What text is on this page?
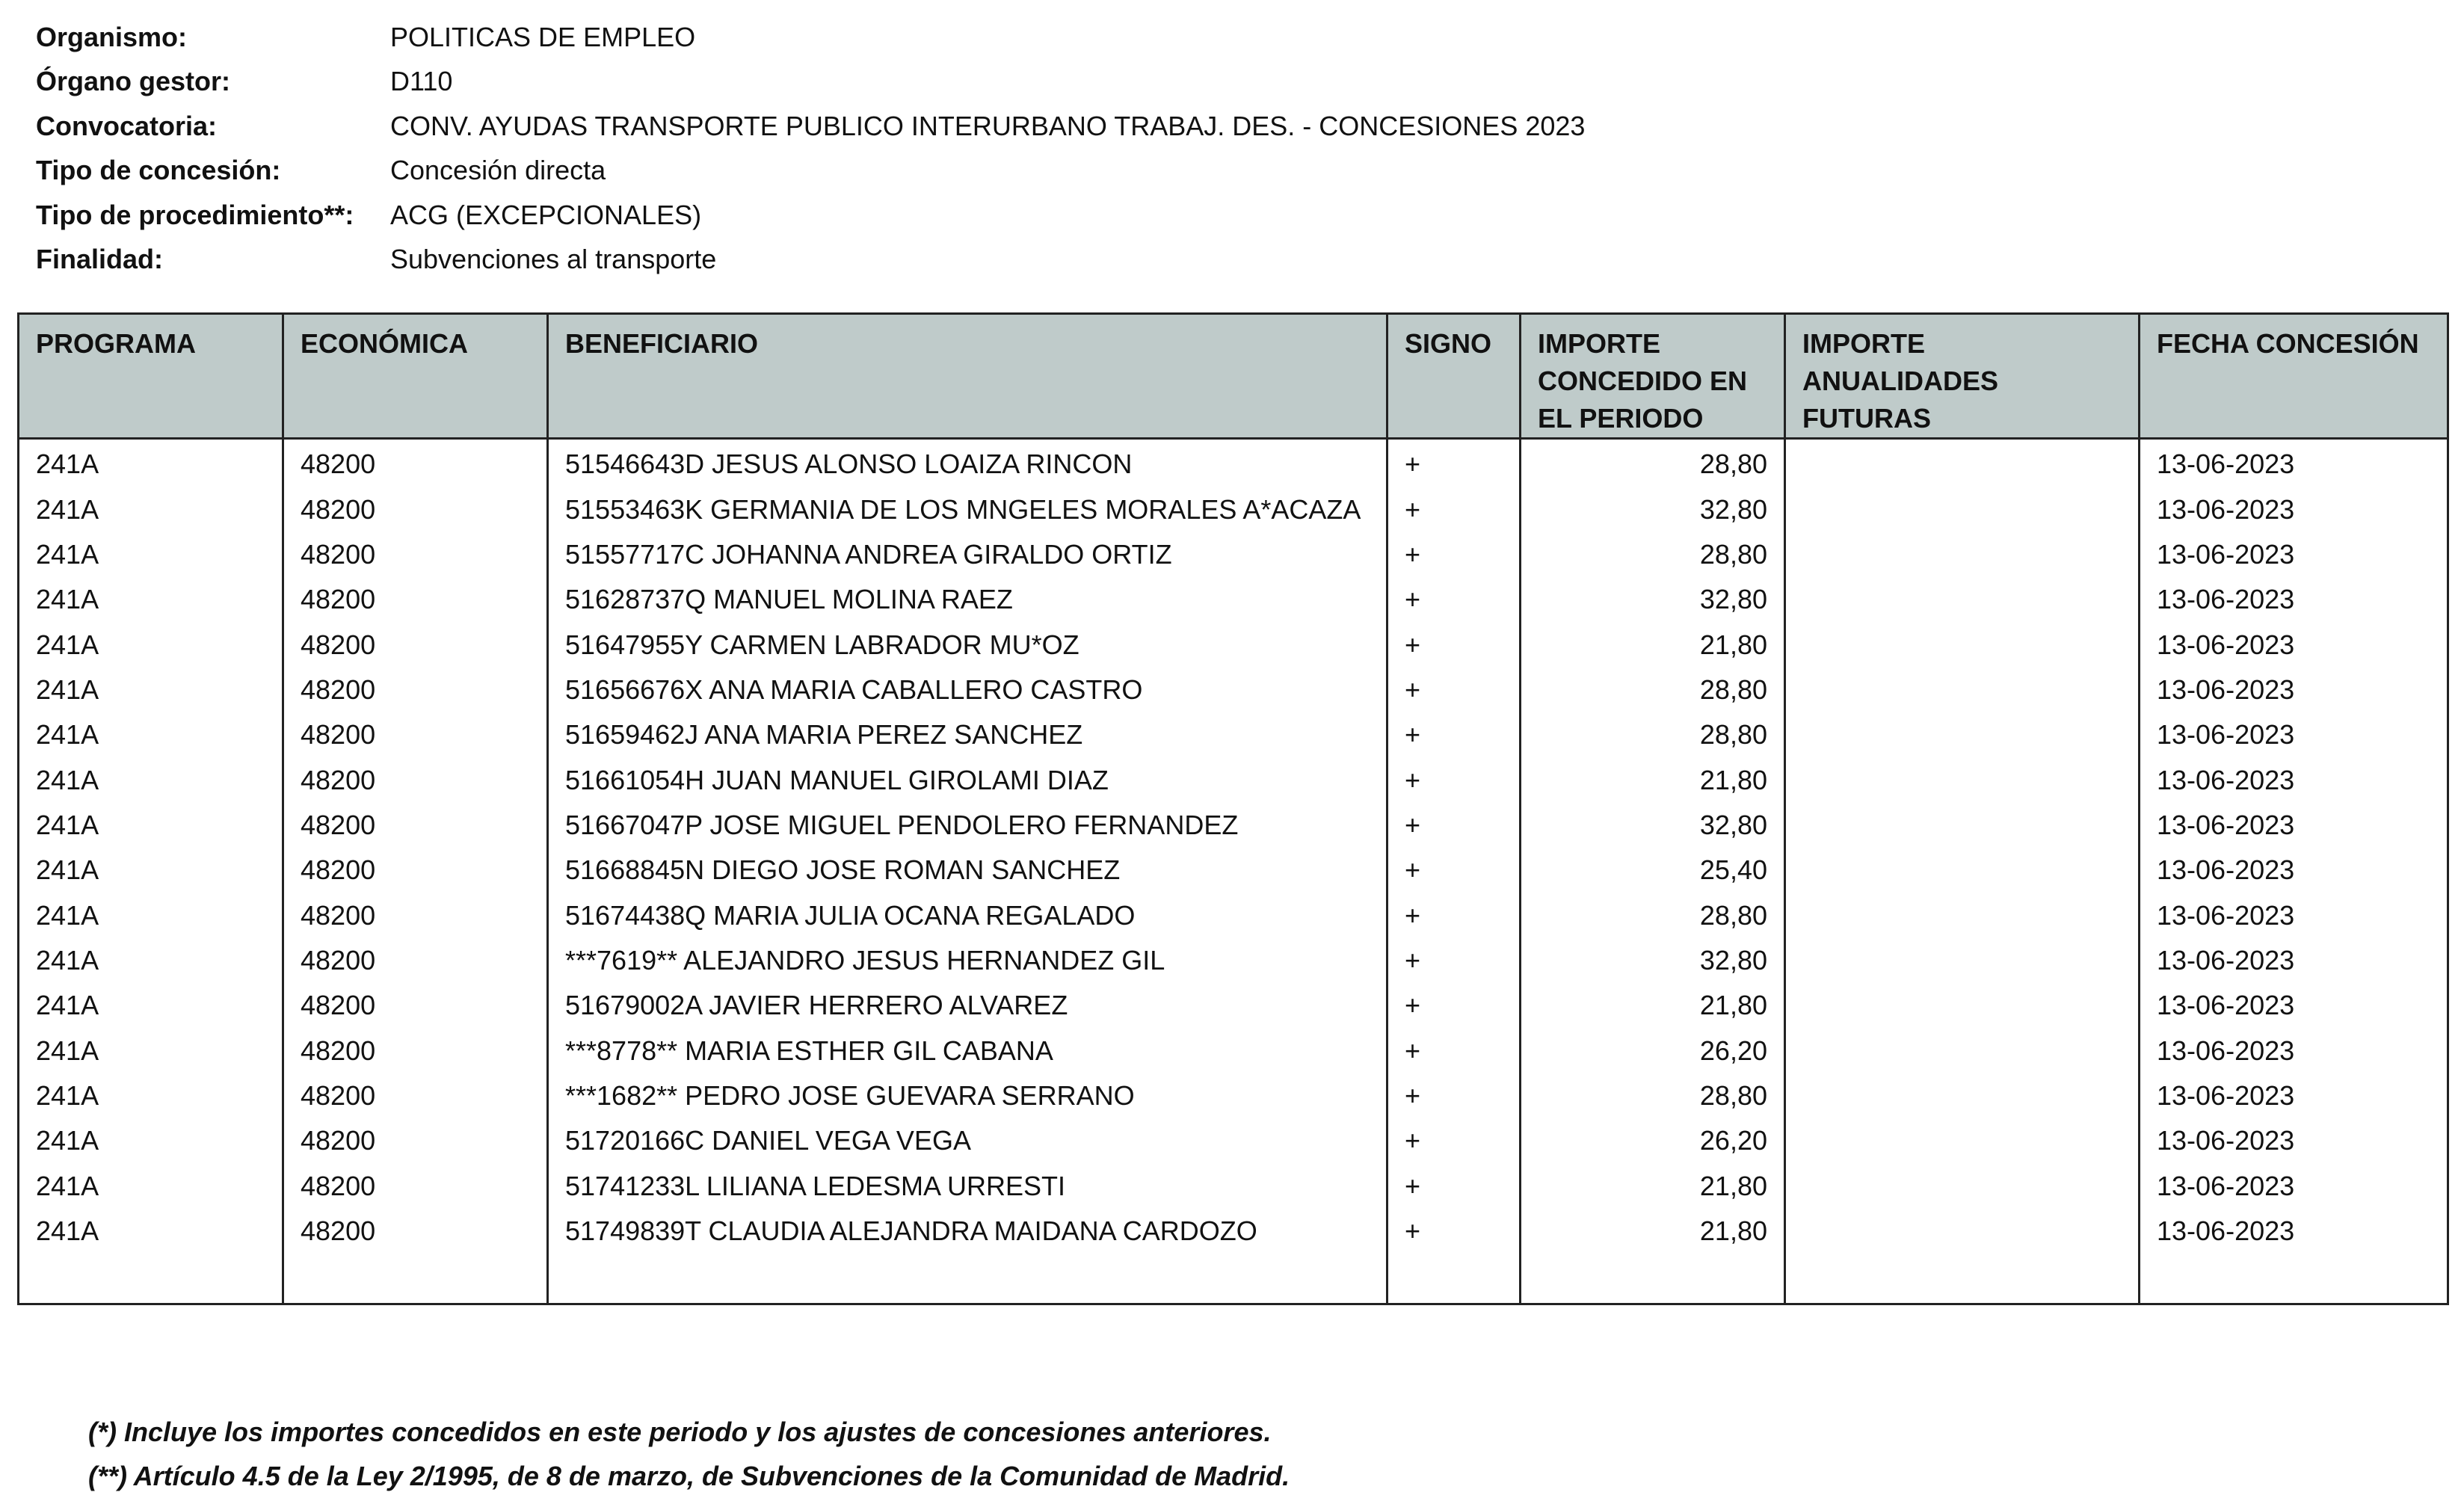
Organismo:	POLITICAS DE EMPLEO
Órgano gestor:	D110
Convocatoria:	CONV. AYUDAS TRANSPORTE PUBLICO INTERURBANO TRABAJ. DES. - CONCESIONES 2023
Tipo de concesión:	Concesión directa
Tipo de procedimiento**:	ACG (EXCEPCIONALES)
Finalidad:	Subvenciones al transporte
PROGRAMA	ECONÓMICA	BENEFICIARIO	SIGNO	IMPORTE CONCEDIDO EN EL PERIODO	IMPORTE ANUALIDADES FUTURAS	FECHA CONCESIÓN
241A	48200	51546643D JESUS ALONSO LOAIZA RINCON	+	28,80		13-06-2023
241A	48200	51553463K GERMANIA DE LOS MNGELES MORALES A*ACAZA	+	32,80		13-06-2023
241A	48200	51557717C JOHANNA ANDREA GIRALDO ORTIZ	+	28,80		13-06-2023
241A	48200	51628737Q MANUEL MOLINA RAEZ	+	32,80		13-06-2023
241A	48200	51647955Y CARMEN LABRADOR MU*OZ	+	21,80		13-06-2023
241A	48200	51656676X ANA MARIA CABALLERO CASTRO	+	28,80		13-06-2023
241A	48200	51659462J ANA MARIA PEREZ SANCHEZ	+	28,80		13-06-2023
241A	48200	51661054H JUAN MANUEL GIROLAMI DIAZ	+	21,80		13-06-2023
241A	48200	51667047P JOSE MIGUEL PENDOLERO FERNANDEZ	+	32,80		13-06-2023
241A	48200	51668845N DIEGO JOSE ROMAN SANCHEZ	+	25,40		13-06-2023
241A	48200	51674438Q MARIA JULIA OCANA REGALADO	+	28,80		13-06-2023
241A	48200	***7619** ALEJANDRO JESUS HERNANDEZ GIL	+	32,80		13-06-2023
241A	48200	51679002A JAVIER HERRERO ALVAREZ	+	21,80		13-06-2023
241A	48200	***8778** MARIA ESTHER GIL CABANA	+	26,20		13-06-2023
241A	48200	***1682** PEDRO JOSE GUEVARA SERRANO	+	28,80		13-06-2023
241A	48200	51720166C DANIEL VEGA VEGA	+	26,20		13-06-2023
241A	48200	51741233L LILIANA LEDESMA URRESTI	+	21,80		13-06-2023
241A	48200	51749839T CLAUDIA ALEJANDRA MAIDANA CARDOZO	+	21,80		13-06-2023

(*) Incluye los importes concedidos en este periodo y los ajustes de concesiones anteriores.
(**) Artículo 4.5 de la Ley 2/1995, de 8 de marzo, de Subvenciones de la Comunidad de Madrid.
